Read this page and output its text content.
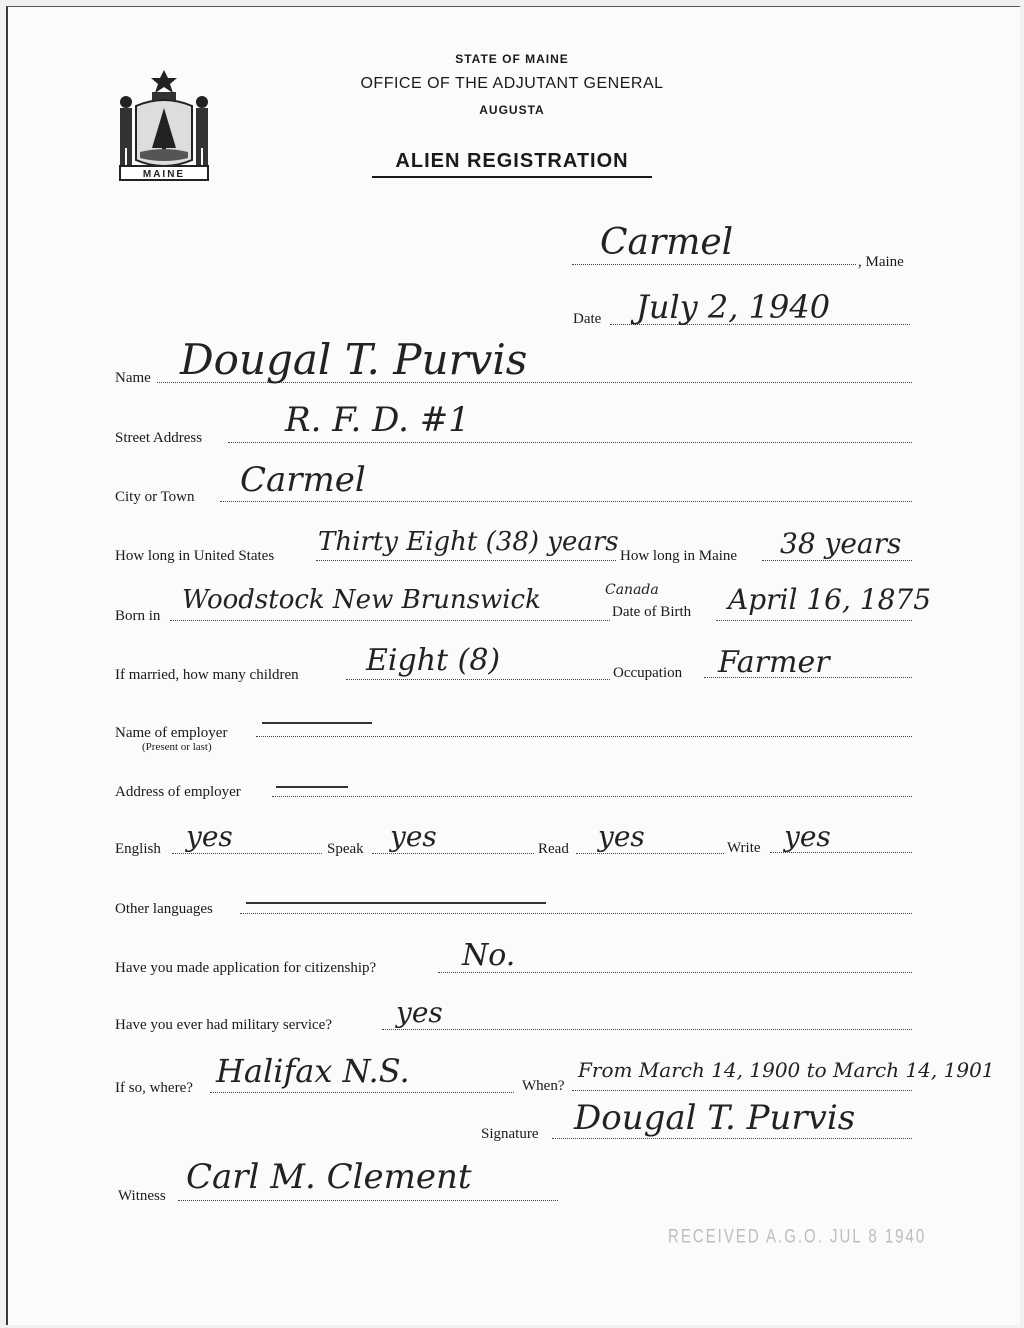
MAINE
STATE OF MAINE
OFFICE OF THE ADJUTANT GENERAL
AUGUSTA
ALIEN REGISTRATION
Carmel	, Maine
Date July 2, 1940
Name Dougal T. Purvis
Street Address R. F. D. #1
City or Town Carmel
How long in United States Thirty Eight (38) years How long in Maine 38 years
Born in
Woodstock New Brunswick	Canada
Date of Birth April 16, 1875
If married, how many children Eight (8)	Occupation Farmer
Name of employer
(Present or last)
Address of employer
English yes	Speak yes	Read yes	Write yes
Other languages
Have you made application for citizenship?	No.
Have you ever had military service? yes
If so, where? Halifax N.S.	When?
From March 14, 1900 to March 14, 1901
Signature Dougal T. Purvis
Witness Carl M. Clement
RECEIVED A.G.O. JUL 8 1940
